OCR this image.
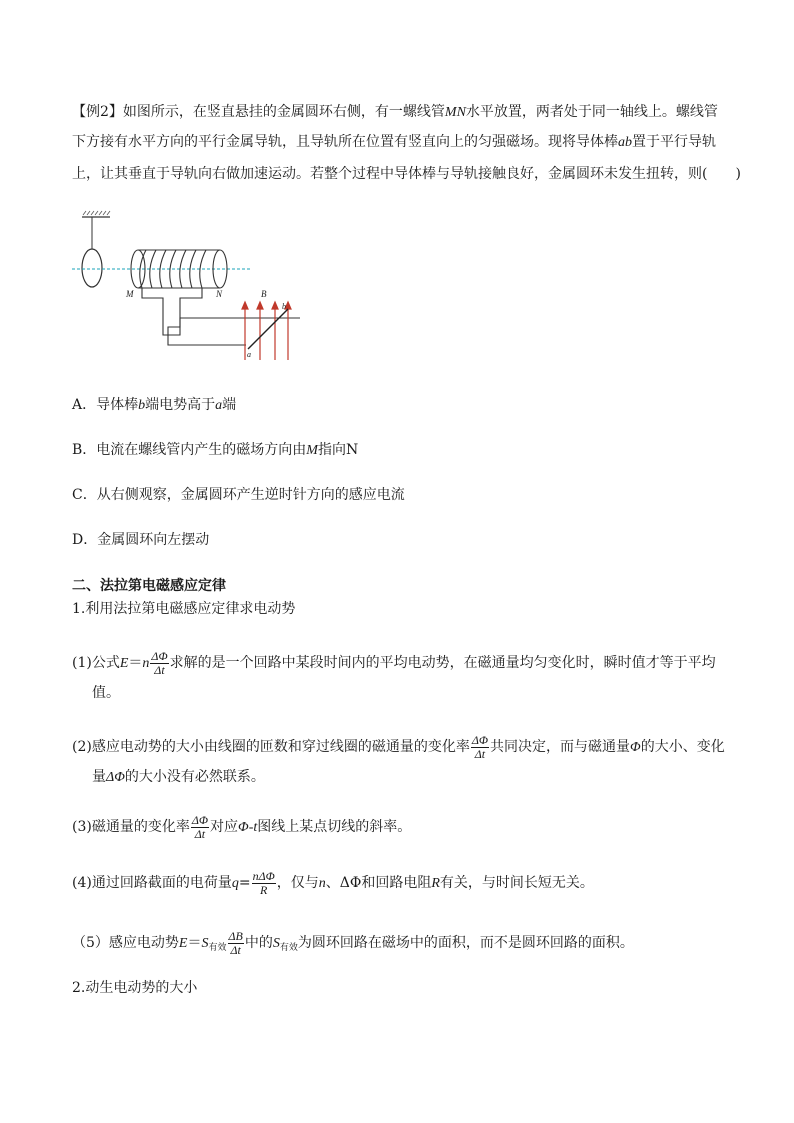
【例2】如图所示，在竖直悬挂的金属圆环右侧，有一螺线管MN水平放置，两者处于同一轴线上。螺线管
下方接有水平方向的平行金属导轨，且导轨所在位置有竖直向上的匀强磁场。现将导体棒ab置于平行导轨
上，让其垂直于导轨向右做加速运动。若整个过程中导体棒与导轨接触良好，金属圆环未发生扭转，则(　　)
M	N	B
a
b
A．导体棒b端电势高于a端
B．电流在螺线管内产生的磁场方向由M指向N
C．从右侧观察，金属圆环产生逆时针方向的感应电流
D．金属圆环向左摆动
二、法拉第电磁感应定律
1.利用法拉第电磁感应定律求电动势
(1)公式$E=n \frac{\Delta\Phi}{\Delta t}$ 求解的是一个回路中某段时间内的平均电动势，在磁通量均匀变化时，瞬时值才等于平均
值。
(2)感应电动势的大小由线圈的匝数和穿过线圈的磁通量的变化率 $\frac{\Delta\Phi}{\Delta t}$ 共同决定，而与磁通量Φ的大小、变化
量ΔΦ的大小没有必然联系。
(3)磁通量的变化率 $\frac{\Delta\Phi}{\Delta t}$ 对应Φ-t图线上某点切线的斜率。
(4)通过回路截面的电荷量$q= \frac{\text{nΔΦ}}{R}$ ，仅与n、ΔΦ和回路电阻R有关，与时间长短无关。
（5）感应电动势$E=S_{有效} \frac{\Delta B}{\Delta t}$ 中的$S_{有效}$为圆环回路在磁场中的面积，而不是圆环回路的面积。
2.动生电动势的大小
